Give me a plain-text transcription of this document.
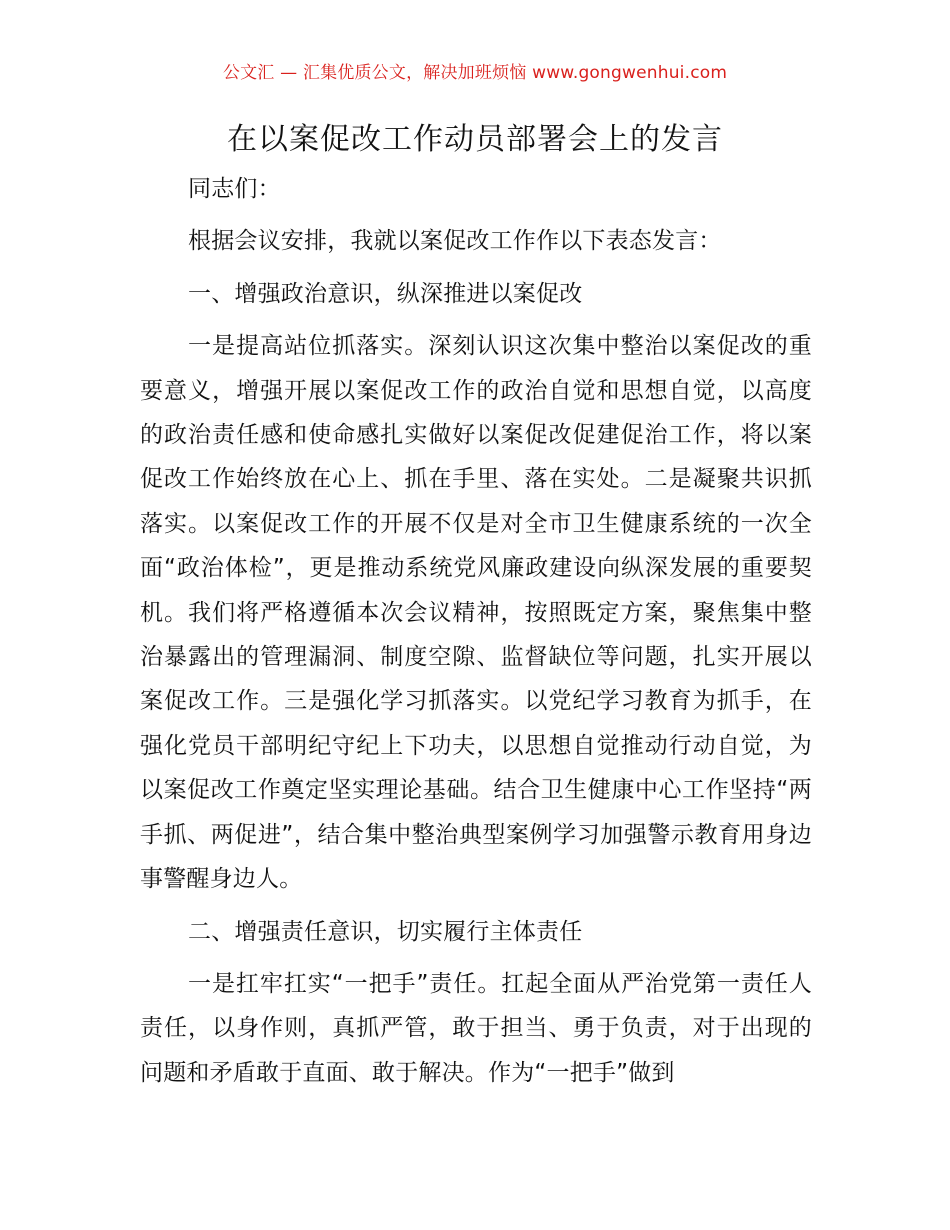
公文汇 — 汇集优质公文，解决加班烦恼 www.gongwenhui.com
在以案促改工作动员部署会上的发言

同志们：

根据会议安排，我就以案促改工作作以下表态发言：

一、增强政治意识，纵深推进以案促改

一是提高站位抓落实。深刻认识这次集中整治以案促改的重要意义，增强开展以案促改工作的政治自觉和思想自觉，以高度的政治责任感和使命感扎实做好以案促改促建促治工作，将以案促改工作始终放在心上、抓在手里、落在实处。二是凝聚共识抓落实。以案促改工作的开展不仅是对全市卫生健康系统的一次全面“政治体检”，更是推动系统党风廉政建设向纵深发展的重要契机。我们将严格遵循本次会议精神，按照既定方案，聚焦集中整治暴露出的管理漏洞、制度空隙、监督缺位等问题，扎实开展以案促改工作。三是强化学习抓落实。以党纪学习教育为抓手，在强化党员干部明纪守纪上下功夫，以思想自觉推动行动自觉，为以案促改工作奠定坚实理论基础。结合卫生健康中心工作坚持“两手抓、两促进”，结合集中整治典型案例学习加强警示教育用身边事警醒身边人。

二、增强责任意识，切实履行主体责任

一是扛牢扛实“一把手”责任。扛起全面从严治党第一责任人责任，以身作则，真抓严管，敢于担当、勇于负责，对于出现的问题和矛盾敢于直面、敢于解决。作为“一把手”做到
